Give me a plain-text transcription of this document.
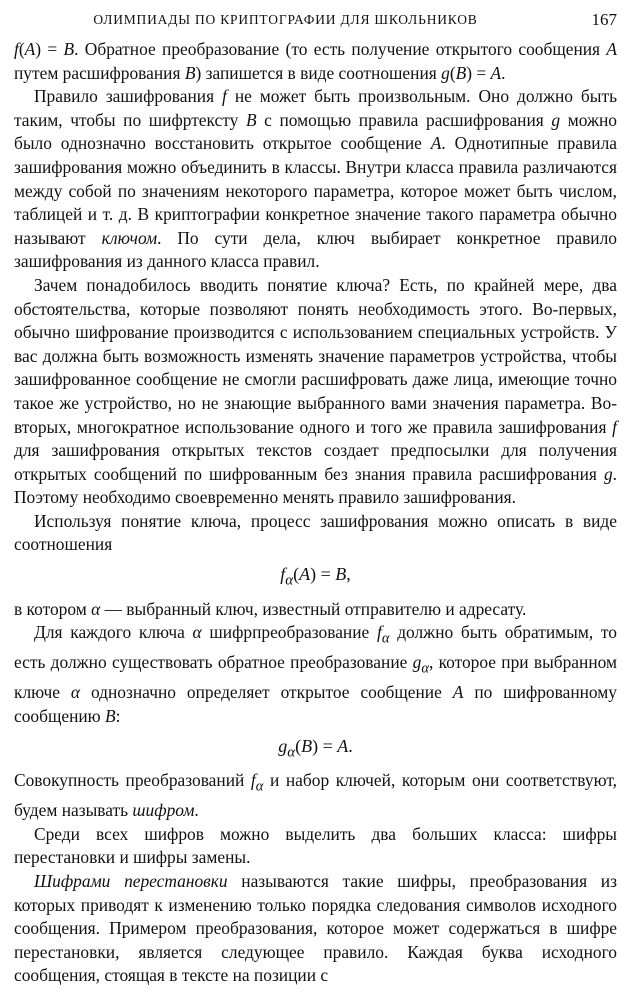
ОЛИМПИАДЫ ПО КРИПТОГРАФИИ ДЛЯ ШКОЛЬНИКОВ	167

f(A) = B. Обратное преобразование (то есть получение открытого сообщения A путем расшифрования B) запишется в виде соотношения g(B) = A.

Правило зашифрования f не может быть произвольным. Оно должно быть таким, чтобы по шифртексту B с помощью правила расшифрования g можно было однозначно восстановить открытое сообщение A. Однотипные правила зашифрования можно объединить в классы. Внутри класса правила различаются между собой по значениям некоторого параметра, которое может быть числом, таблицей и т. д. В криптографии конкретное значение такого параметра обычно называют ключом. По сути дела, ключ выбирает конкретное правило зашифрования из данного класса правил.

Зачем понадобилось вводить понятие ключа? Есть, по крайней мере, два обстоятельства, которые позволяют понять необходимость этого. Во-первых, обычно шифрование производится с использованием специальных устройств. У вас должна быть возможность изменять значение параметров устройства, чтобы зашифрованное сообщение не смогли расшифровать даже лица, имеющие точно такое же устройство, но не знающие выбранного вами значения параметра. Во-вторых, многократное использование одного и того же правила зашифрования f для зашифрования открытых текстов создает предпосылки для получения открытых сообщений по шифрованным без знания правила расшифрования g. Поэтому необходимо своевременно менять правило зашифрования.

Используя понятие ключа, процесс зашифрования можно описать в виде соотношения

$f_\alpha(A) = B$,

в котором α — выбранный ключ, известный отправителю и адресату.

Для каждого ключа α шифрпреобразование $f_\alpha$ должно быть обратимым, то есть должно существовать обратное преобразование $g_\alpha$, которое при выбранном ключе α однозначно определяет открытое сообщение A по шифрованному сообщению B:

$g_\alpha(B) = A$.

Совокупность преобразований $f_\alpha$ и набор ключей, которым они соответствуют, будем называть шифром.

Среди всех шифров можно выделить два больших класса: шифры перестановки и шифры замены.

Шифрами перестановки называются такие шифры, преобразования из которых приводят к изменению только порядка следования символов исходного сообщения. Примером преобразования, которое может содержаться в шифре перестановки, является следующее правило. Каждая буква исходного сообщения, стоящая в тексте на позиции с
